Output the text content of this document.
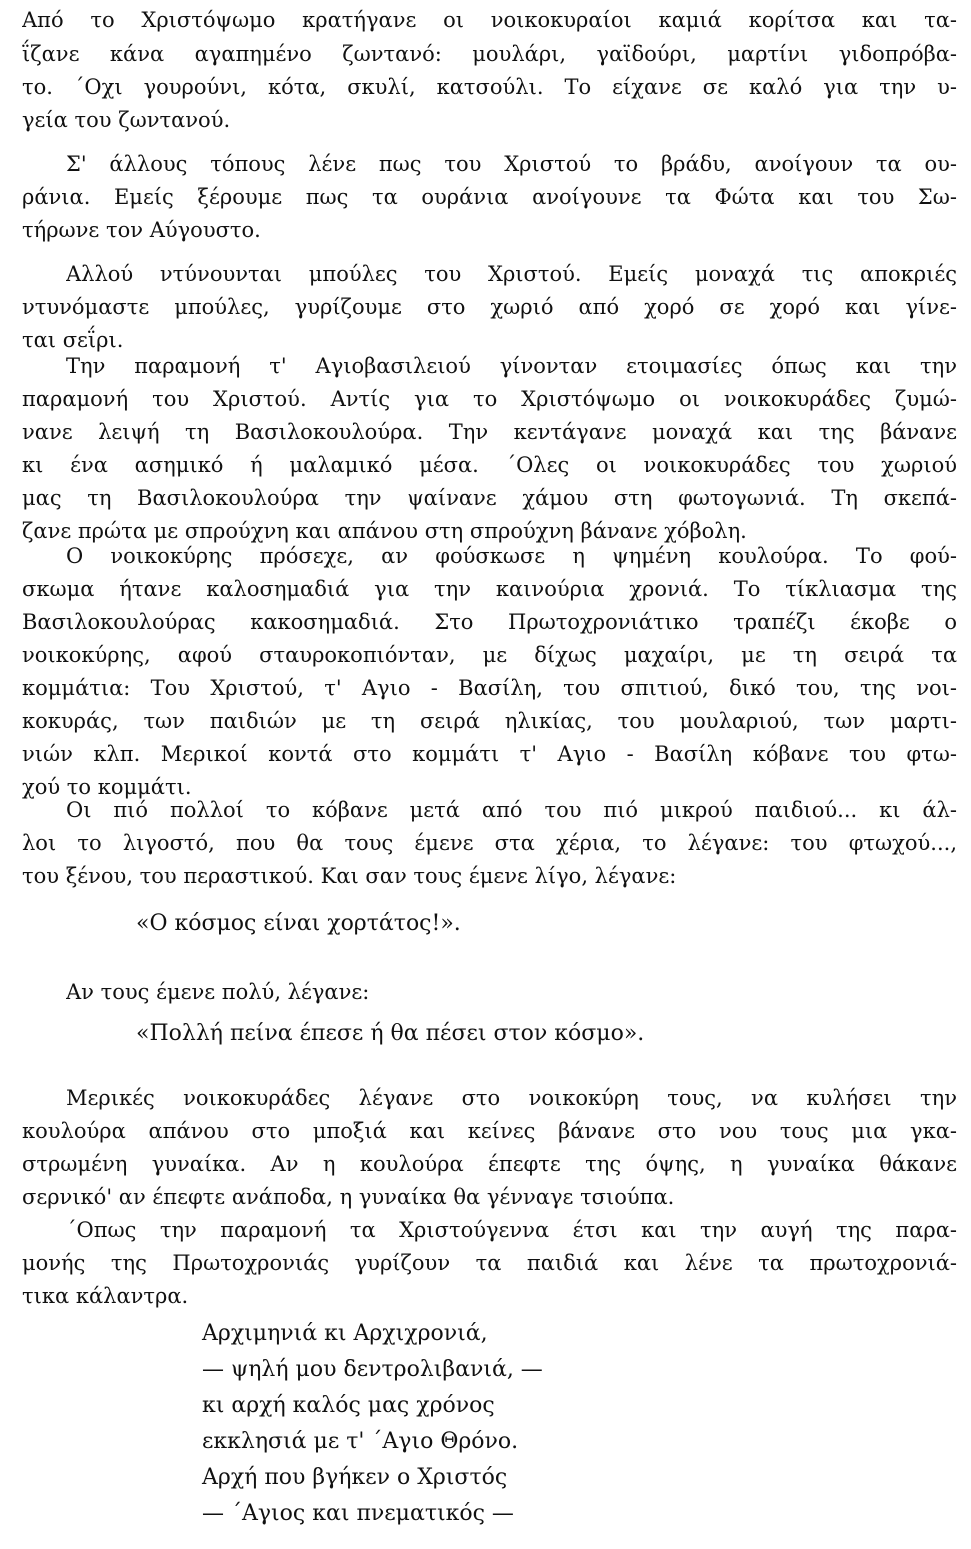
Από το Χριστόψωμο κρατήγανε οι νοικοκυραίοι καμιά κορίτσα και τα-
ΐζανε κάνα αγαπημένο ζωντανό: μουλάρι, γαϊδούρι, μαρτίνι γιδοπρόβα-
το. ΄Οχι γουρούνι, κότα, σκυλί, κατσούλι. Το είχανε σε καλό για την υ-
γεία του ζωντανού.
Σ' άλλους τόπους λένε πως του Χριστού το βράδυ, ανοίγουν τα ου-
ράνια. Εμείς ξέρουμε πως τα ουράνια ανοίγουνε τα Φώτα και του Σω-
τήρωνε τον Αύγουστο.
Αλλού ντύνουνται μπούλες του Χριστού. Εμείς μοναχά τις αποκριές
ντυνόμαστε μπούλες, γυρίζουμε στο χωριό από χορό σε χορό και γίνε-
ται σεΐρι.
Την παραμονή τ' Αγιοβασιλειού γίνονταν ετοιμασίες όπως και την
παραμονή του Χριστού. Αντίς για το Χριστόψωμο οι νοικοκυράδες ζυμώ-
νανε λειψή τη Βασιλοκουλούρα. Την κεντάγανε μοναχά και της βάνανε
κι ένα ασημικό ή μαλαμικό μέσα. ΄Ολες οι νοικοκυράδες του χωριού
μας τη Βασιλοκουλούρα την ψαίνανε χάμου στη φωτογωνιά. Τη σκεπά-
ζανε πρώτα με σπρούχνη και απάνου στη σπρούχνη βάνανε χόβολη.
Ο νοικοκύρης πρόσεχε, αν φούσκωσε η ψημένη κουλούρα. Το φού-
σκωμα ήτανε καλοσημαδιά για την καινούρια χρονιά. Το τίκλιασμα της
Βασιλοκουλούρας κακοσημαδιά. Στο Πρωτοχρονιάτικο τραπέζι έκοβε ο
νοικοκύρης, αφού σταυροκοπιόνταν, με δίχως μαχαίρι, με τη σειρά τα
κομμάτια: Του Χριστού, τ' Αγιο - Βασίλη, του σπιτιού, δικό του, της νοι-
κοκυράς, των παιδιών με τη σειρά ηλικίας, του μουλαριού, των μαρτι-
νιών κλπ. Μερικοί κοντά στο κομμάτι τ' Αγιο - Βασίλη κόβανε του φτω-
χού το κομμάτι.
Οι πιό πολλοί το κόβανε μετά από του πιό μικρού παιδιού... κι άλ-
λοι το λιγοστό, που θα τους έμενε στα χέρια, το λέγανε: του φτωχού...,
του ξένου, του περαστικού. Και σαν τους έμενε λίγο, λέγανε:
«Ο κόσμος είναι χορτάτος!».
Αν τους έμενε πολύ, λέγανε:
«Πολλή πείνα έπεσε ή θα πέσει στον κόσμο».
Μερικές νοικοκυράδες λέγανε στο νοικοκύρη τους, να κυλήσει την
κουλούρα απάνου στο μποξιά και κείνες βάνανε στο νου τους μια γκα-
στρωμένη γυναίκα. Αν η κουλούρα έπεφτε της όψης, η γυναίκα θάκανε
σερνικό' αν έπεφτε ανάποδα, η γυναίκα θα γένναγε τσιούπα.
΄Οπως την παραμονή τα Χριστούγεννα έτσι και την αυγή της παρα-
μονής της Πρωτοχρονιάς γυρίζουν τα παιδιά και λένε τα πρωτοχρονιά-
τικα κάλαντρα.
Αρχιμηνιά κι Αρχιχρονιά,
— ψηλή μου δεντρολιβανιά, —
κι αρχή καλός μας χρόνος
εκκλησιά με τ' ΄Αγιο Θρόνο.
Αρχή που βγήκεν ο Χριστός
— ΄Αγιος και πνεματικός —
